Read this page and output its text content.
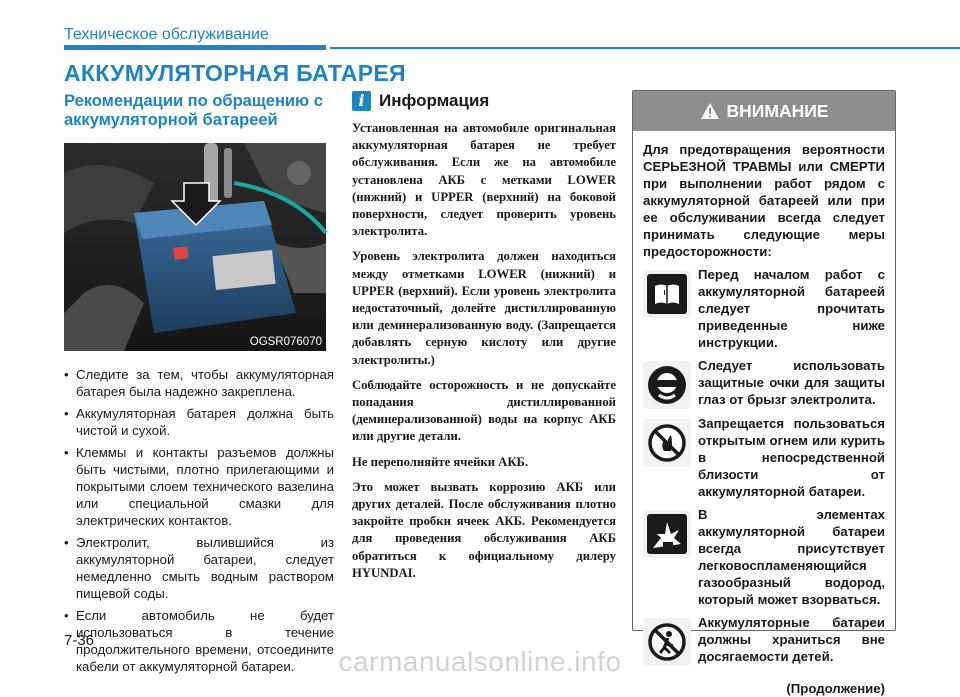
Техническое обслуживание
АККУМУЛЯТОРНАЯ БАТАРЕЯ
Рекомендации по обращению с аккумуляторной батареей
OGSR076070
• Следите за тем, чтобы аккумуляторная батарея была надежно закреплена.
• Аккумуляторная батарея должна быть чистой и сухой.
• Клеммы и контакты разъемов должны быть чистыми, плотно прилегающими и покрытыми слоем технического вазелина или специальной смазки для электрических контактов.
• Электролит, вылившийся из аккумуляторной батареи, следует немедленно смыть водным раствором пищевой соды.
• Если автомобиль не будет использоваться в течение продолжительного времени, отсоедините кабели от аккумуляторной батареи.
7-36
i Информация

Установленная на автомобиле оригинальная аккумуляторная батарея не требует обслуживания. Если же на автомобиле установлена АКБ с метками LOWER (нижний) и UPPER (верхний) на боковой поверхности, следует проверить уровень электролита.

Уровень электролита должен находиться между отметками LOWER (нижний) и UPPER (верхний). Если уровень электролита недостаточный, долейте дистиллированную или деминерализованную воду. (Запрещается добавлять серную кислоту или другие электролиты.)

Соблюдайте осторожность и не допускайте попадания дистиллированной (деминерализованной) воды на корпус АКБ или другие детали.

Не переполняйте ячейки АКБ.

Это может вызвать коррозию АКБ или других деталей. После обслуживания плотно закройте пробки ячеек АКБ. Рекомендуется для проведения обслуживания АКБ обратиться к официальному дилеру HYUNDAI.

ВНИМАНИЕ
Для предотвращения вероятности СЕРЬЕЗНОЙ ТРАВМЫ или СМЕРТИ при выполнении работ рядом с аккумуляторной батареей или при ее обслуживании всегда следует принимать следующие меры предосторожности:
Перед началом работ с аккумуляторной батареей следует прочитать приведенные ниже инструкции.
Следует использовать защитные очки для защиты глаз от брызг электролита.
Запрещается пользоваться открытым огнем или курить в непосредственной близости от аккумуляторной батареи.
В элементах аккумуляторной батареи всегда присутствует легковоспламеняющийся газообразный водород, который может взорваться.
Аккумуляторные батареи должны храниться вне досягаемости детей.
(Продолжение)
carmanualsonline.info
